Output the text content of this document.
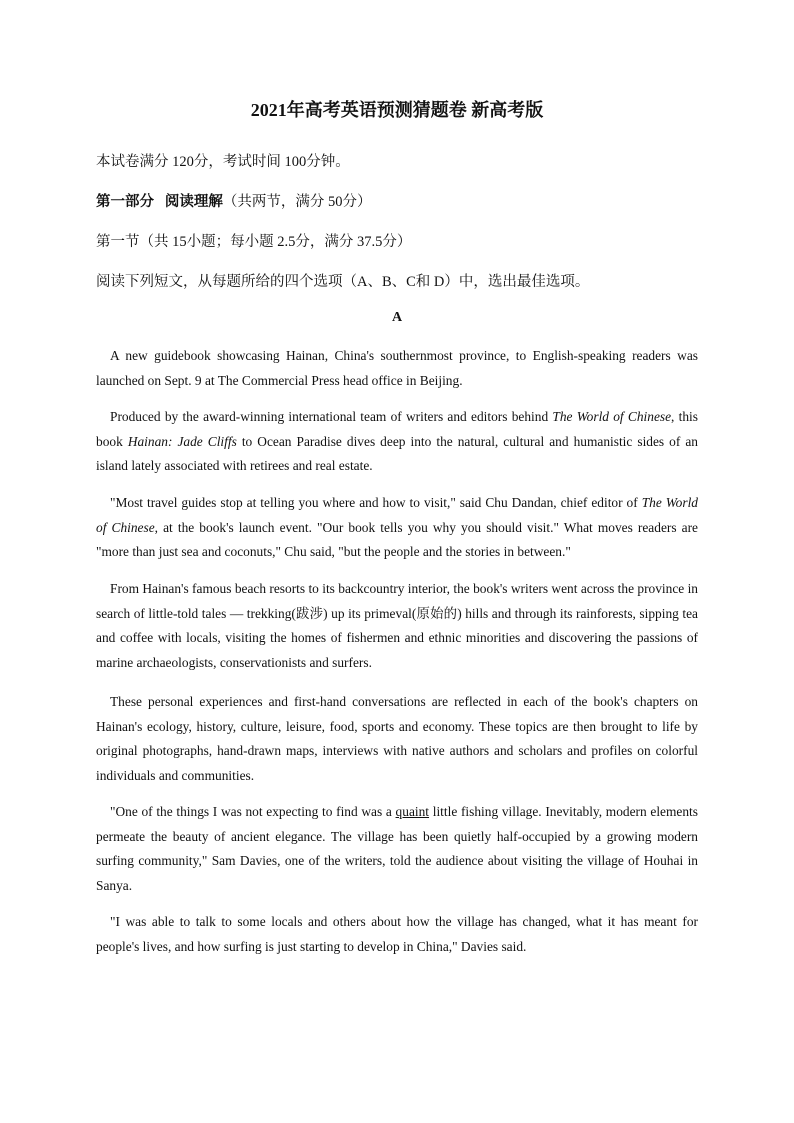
2021年高考英语预测猜题卷 新高考版

本试卷满分 120分，考试时间 100分钟。

第一部分 阅读理解（共两节，满分 50分）

第一节（共 15小题；每小题 2.5分，满分 37.5分）

阅读下列短文，从每题所给的四个选项（A、B、C和 D）中，选出最佳选项。

A

A new guidebook showcasing Hainan, China's southernmost province, to English-speaking readers was launched on Sept. 9 at The Commercial Press head office in Beijing.

Produced by the award-winning international team of writers and editors behind The World of Chinese, this book Hainan: Jade Cliffs to Ocean Paradise dives deep into the natural, cultural and humanistic sides of an island lately associated with retirees and real estate.

"Most travel guides stop at telling you where and how to visit," said Chu Dandan, chief editor of The World of Chinese, at the book's launch event. "Our book tells you why you should visit." What moves readers are "more than just sea and coconuts," Chu said, "but the people and the stories in between."

From Hainan's famous beach resorts to its backcountry interior, the book's writers went across the province in search of little-told tales — trekking(跋涉) up its primeval(原始的) hills and through its rainforests, sipping tea and coffee with locals, visiting the homes of fishermen and ethnic minorities and discovering the passions of marine archaeologists, conservationists and surfers.

These personal experiences and first-hand conversations are reflected in each of the book's chapters on Hainan's ecology, history, culture, leisure, food, sports and economy. These topics are then brought to life by original photographs, hand-drawn maps, interviews with native authors and scholars and profiles on colorful individuals and communities.

"One of the things I was not expecting to find was a quaint little fishing village. Inevitably, modern elements permeate the beauty of ancient elegance. The village has been quietly half-occupied by a growing modern surfing community," Sam Davies, one of the writers, told the audience about visiting the village of Houhai in Sanya.

"I was able to talk to some locals and others about how the village has changed, what it has meant for people's lives, and how surfing is just starting to develop in China," Davies said.
